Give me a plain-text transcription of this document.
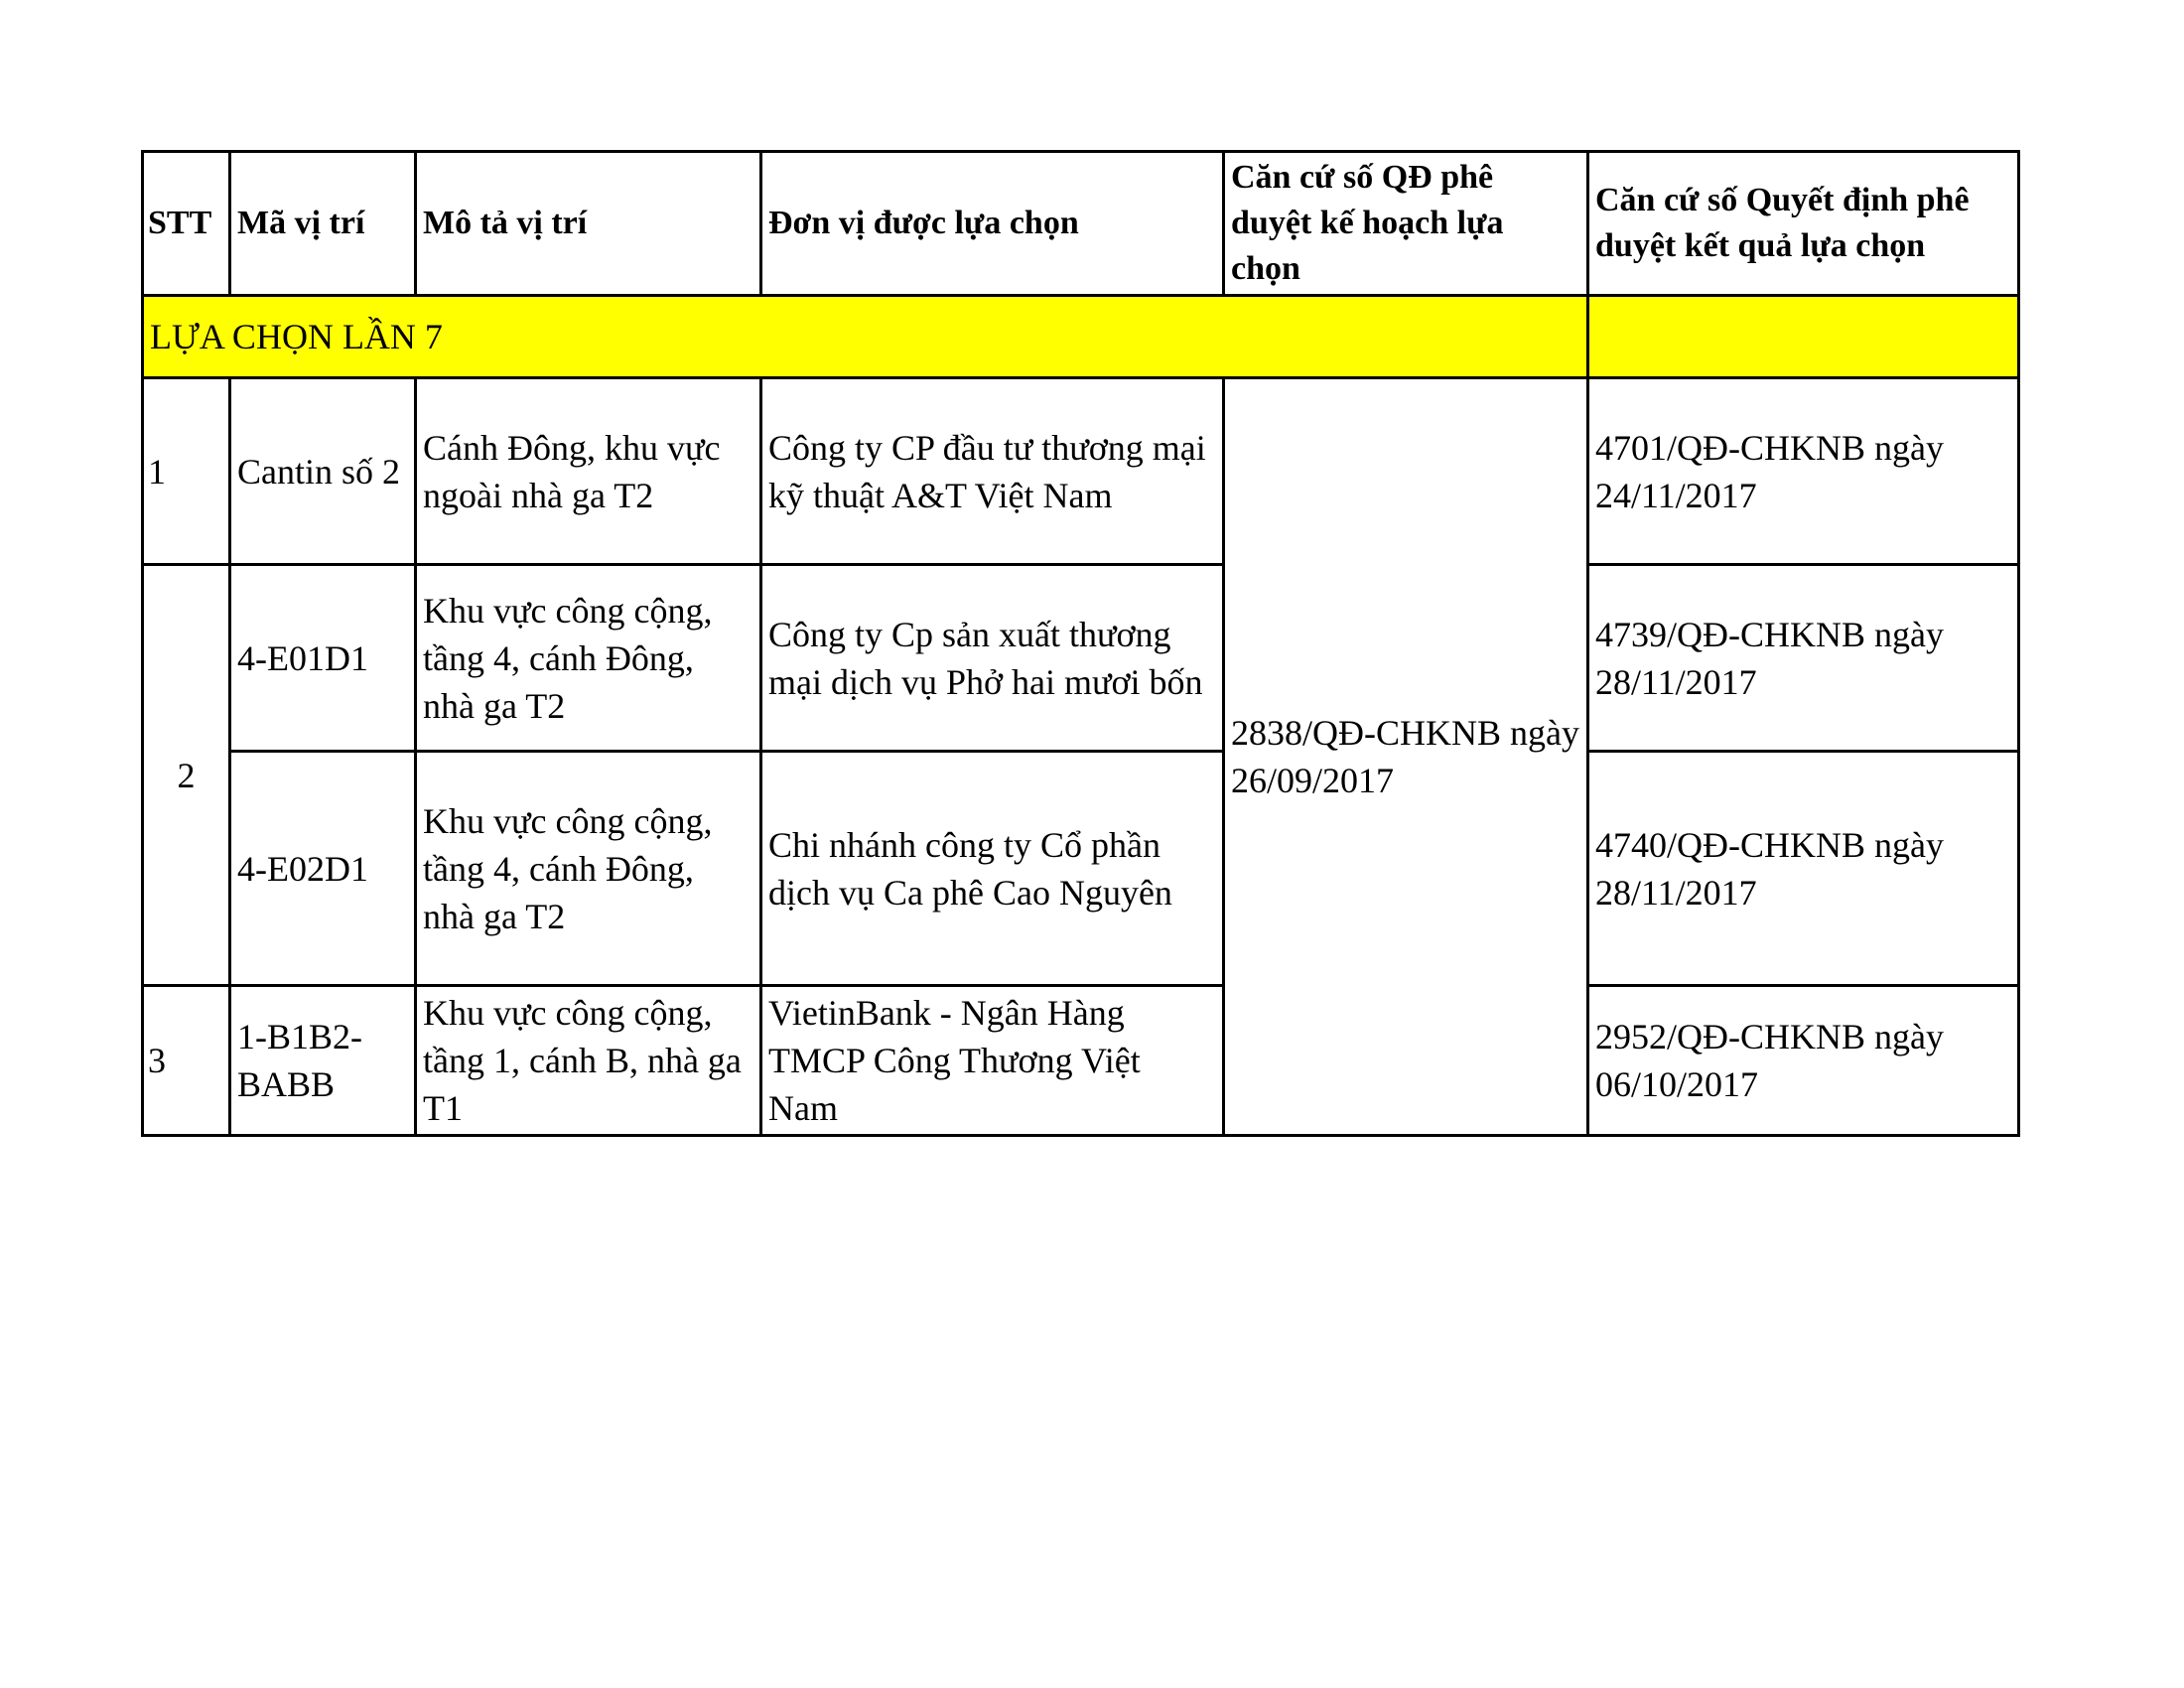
STT	Mã vị trí	Mô tả vị trí	Đơn vị được lựa chọn	Căn cứ số QĐ phê duyệt kế hoạch lựa chọn	Căn cứ số Quyết định phê duyệt kết quả lựa chọn
LỰA CHỌN LẦN 7					
1	Cantin số 2	Cánh Đông, khu vực ngoài nhà ga T2	Công ty CP đầu tư thương mại kỹ thuật A&T Việt Nam	2838/QĐ-CHKNB ngày 26/09/2017	4701/QĐ-CHKNB ngày 24/11/2017
2	4-E01D1	Khu vực công cộng, tầng 4, cánh Đông, nhà ga T2	Công ty Cp sản xuất thương mại dịch vụ Phở hai mươi bốn		4739/QĐ-CHKNB ngày 28/11/2017
	4-E02D1	Khu vực công cộng, tầng 4, cánh Đông, nhà ga T2	Chi nhánh công ty Cổ phần dịch vụ Ca phê Cao Nguyên		4740/QĐ-CHKNB ngày 28/11/2017
3	1-B1B2-BABB	Khu vực công cộng, tầng 1, cánh B, nhà ga T1	VietinBank - Ngân Hàng TMCP Công Thương Việt Nam		2952/QĐ-CHKNB ngày 06/10/2017
